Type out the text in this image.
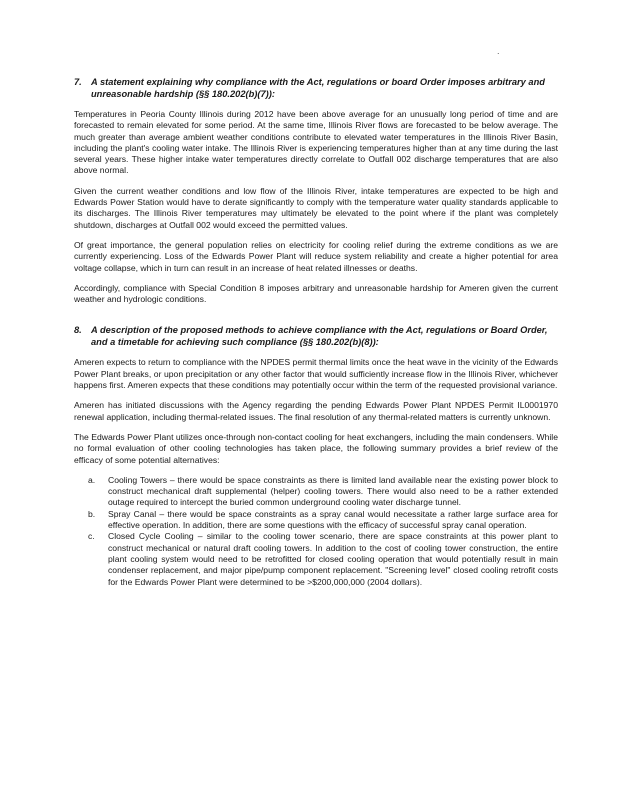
.
7. A statement explaining why compliance with the Act, regulations or board Order imposes arbitrary and unreasonable hardship (§§ 180.202(b)(7)):

Temperatures in Peoria County Illinois during 2012 have been above average for an unusually long period of time and are forecasted to remain elevated for some period. At the same time, Illinois River flows are forecasted to be below average. The much greater than average ambient weather conditions contribute to elevated water temperatures in the Illinois River Basin, including the plant's cooling water intake. The Illinois River is experiencing temperatures higher than at any time during the last several years. These higher intake water temperatures directly correlate to Outfall 002 discharge temperatures that are also above normal.

Given the current weather conditions and low flow of the Illinois River, intake temperatures are expected to be high and Edwards Power Station would have to derate significantly to comply with the temperature water quality standards applicable to its discharges. The Illinois River temperatures may ultimately be elevated to the point where if the plant was completely shutdown, discharges at Outfall 002 would exceed the permitted values.

Of great importance, the general population relies on electricity for cooling relief during the extreme conditions as we are currently experiencing. Loss of the Edwards Power Plant will reduce system reliability and create a higher potential for area voltage collapse, which in turn can result in an increase of heat related illnesses or deaths.

Accordingly, compliance with Special Condition 8 imposes arbitrary and unreasonable hardship for Ameren given the current weather and hydrologic conditions.

8. A description of the proposed methods to achieve compliance with the Act, regulations or Board Order, and a timetable for achieving such compliance (§§ 180.202(b)(8)):

Ameren expects to return to compliance with the NPDES permit thermal limits once the heat wave in the vicinity of the Edwards Power Plant breaks, or upon precipitation or any other factor that would sufficiently increase flow in the Illinois River, whichever happens first. Ameren expects that these conditions may potentially occur within the term of the requested provisional variance.

Ameren has initiated discussions with the Agency regarding the pending Edwards Power Plant NPDES Permit IL0001970 renewal application, including thermal-related issues. The final resolution of any thermal-related matters is currently unknown.

The Edwards Power Plant utilizes once-through non-contact cooling for heat exchangers, including the main condensers. While no formal evaluation of other cooling technologies has taken place, the following summary provides a brief review of the efficacy of some potential alternatives:

a.	Cooling Towers – there would be space constraints as there is limited land available near the existing power block to construct mechanical draft supplemental (helper) cooling towers. There would also need to be a rather extended outage required to intercept the buried common underground cooling water discharge tunnel.
b.	Spray Canal – there would be space constraints as a spray canal would necessitate a rather large surface area for effective operation. In addition, there are some questions with the efficacy of successful spray canal operation.
c.	Closed Cycle Cooling – similar to the cooling tower scenario, there are space constraints at this power plant to construct mechanical or natural draft cooling towers. In addition to the cost of cooling tower construction, the entire plant cooling system would need to be retrofitted for closed cooling operation that would potentially result in main condenser replacement, and major pipe/pump component replacement. "Screening level" closed cooling retrofit costs for the Edwards Power Plant were determined to be >$200,000,000 (2004 dollars).
